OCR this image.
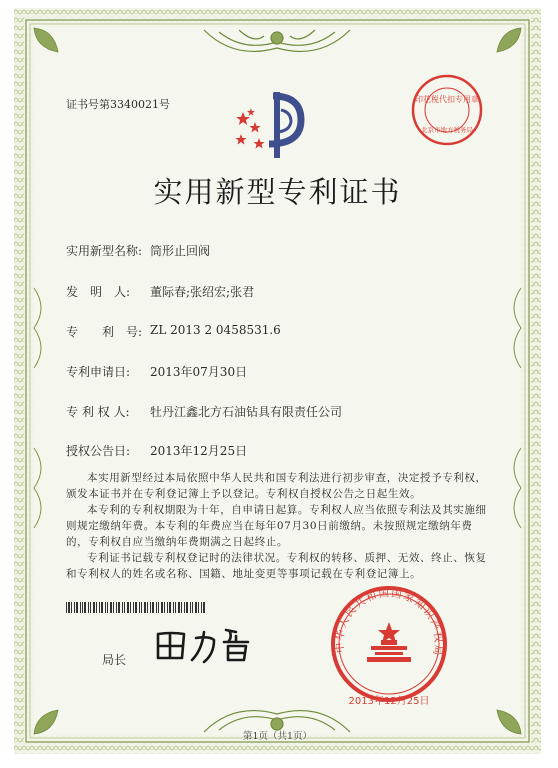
证书号第3340021号	印花税代扣专用章
北京市地方税务局
实用新型专利证书
实用新型名称: 筒形止回阀
发　明　人: 董际春;张绍宏;张君
专　　利　号: ZL 2013 2 0458531.6
专利申请日: 2013年07月30日
专 利 权 人: 牡丹江鑫北方石油钻具有限责任公司
授权公告日: 2013年12月25日
本实用新型经过本局依照中华人民共和国专利法进行初步审查，决定授予专利权，颁发本证书并在专利登记簿上予以登记。专利权自授权公告之日起生效。
本专利的专利权期限为十年，自申请日起算。专利权人应当依照专利法及其实施细则规定缴纳年费。本专利的年费应当在每年07月30日前缴纳。未按照规定缴纳年费的，专利权自应当缴纳年费期满之日起终止。
专利证书记载专利权登记时的法律状况。专利权的转移、质押、无效、终止、恢复和专利权人的姓名或名称、国籍、地址变更等事项记载在专利登记簿上。
局长
中华人民共和国国家知识产权局
2013年12月25日
第1页（共1页）
